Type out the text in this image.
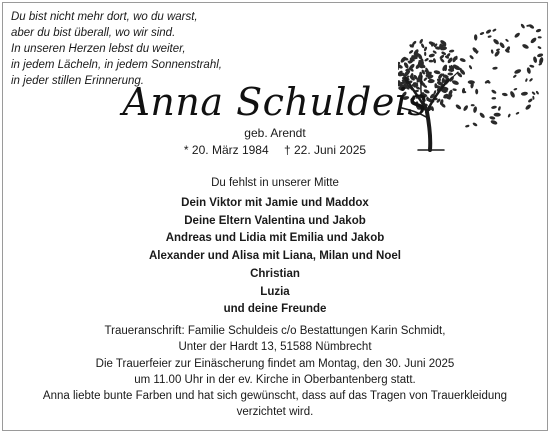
Du bist nicht mehr dort, wo du warst,
aber du bist überall, wo wir sind.
In unseren Herzen lebst du weiter,
in jedem Lächeln, in jedem Sonnenstrahl,
in jeder stillen Erinnerung.
Anna Schuldeis
geb. Arendt
* 20. März 1984 † 22. Juni 2025
Du fehlst in unserer Mitte
Dein Viktor mit Jamie und Maddox
Deine Eltern Valentina und Jakob
Andreas und Lidia mit Emilia und Jakob
Alexander und Alisa mit Liana, Milan und Noel
Christian
Luzia
und deine Freunde
Traueranschrift: Familie Schuldeis c/o Bestattungen Karin Schmidt,
Unter der Hardt 13, 51588 Nümbrecht
Die Trauerfeier zur Einäscherung findet am Montag, den 30. Juni 2025
um 11.00 Uhr in der ev. Kirche in Oberbantenberg statt.
Anna liebte bunte Farben und hat sich gewünscht, dass auf das Tragen von Trauerkleidung
verzichtet wird.
